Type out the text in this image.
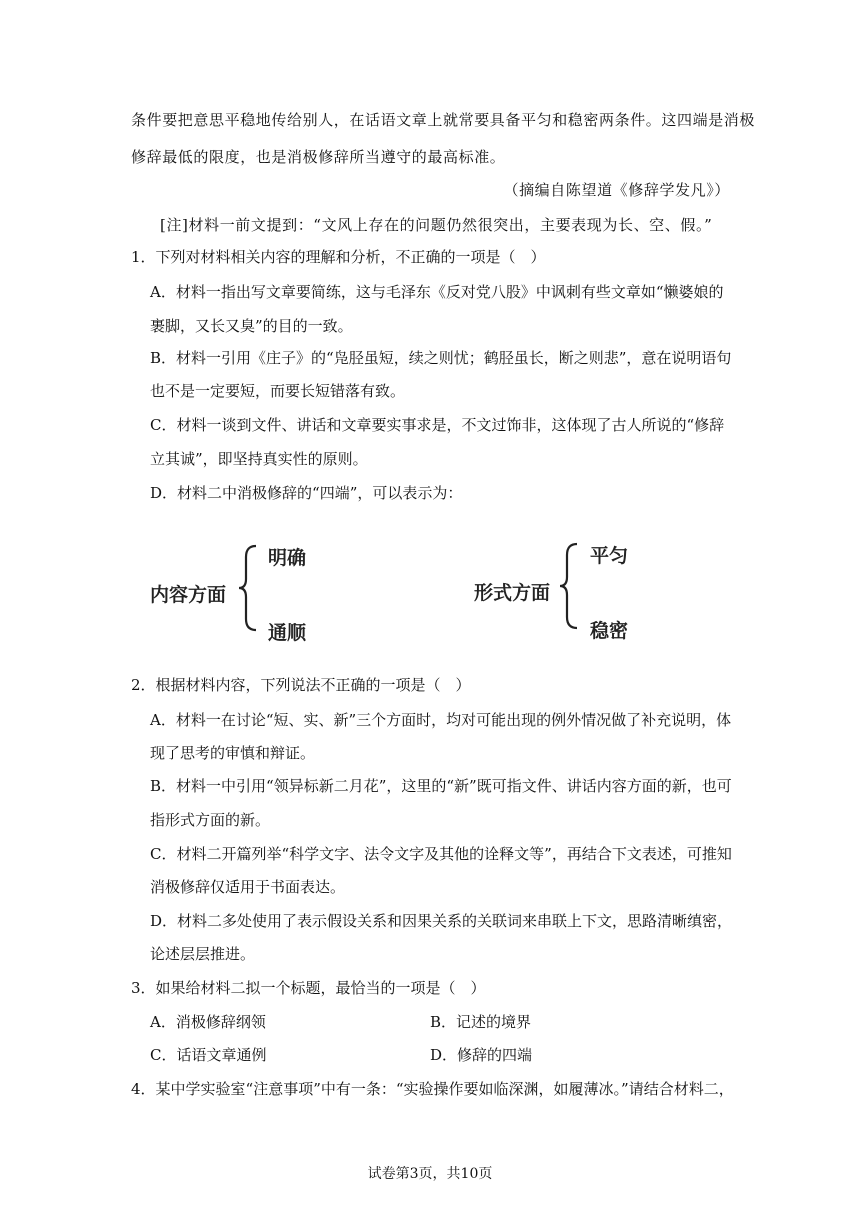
条件要把意思平稳地传给别人，在话语文章上就常要具备平匀和稳密两条件。这四端是消极
修辞最低的限度，也是消极修辞所当遵守的最高标准。
（摘编自陈望道《修辞学发凡》）
[注]材料一前文提到：“文风上存在的问题仍然很突出，主要表现为长、空、假。”
1．下列对材料相关内容的理解和分析，不正确的一项是（　）
A．材料一指出写文章要简练，这与毛泽东《反对党八股》中讽刺有些文章如“懒婆娘的
裹脚，又长又臭”的目的一致。
B．材料一引用《庄子》的“凫胫虽短，续之则忧；鹤胫虽长，断之则悲”，意在说明语句
也不是一定要短，而要长短错落有致。
C．材料一谈到文件、讲话和文章要实事求是，不文过饰非，这体现了古人所说的“修辞
立其诚”，即坚持真实性的原则。
D．材料二中消极修辞的“四端”，可以表示为：
内容方面
明确
通顺
形式方面
平匀
稳密
2．根据材料内容，下列说法不正确的一项是（　）
A．材料一在讨论“短、实、新”三个方面时，均对可能出现的例外情况做了补充说明，体
现了思考的审慎和辩证。
B．材料一中引用“领异标新二月花”，这里的“新”既可指文件、讲话内容方面的新，也可
指形式方面的新。
C．材料二开篇列举“科学文字、法令文字及其他的诠释文等”，再结合下文表述，可推知
消极修辞仅适用于书面表达。
D．材料二多处使用了表示假设关系和因果关系的关联词来串联上下文，思路清晰缜密，
论述层层推进。
3．如果给材料二拟一个标题，最恰当的一项是（　）
A．消极修辞纲领	B．记述的境界
C．话语文章通例	D．修辞的四端
4．某中学实验室“注意事项”中有一条：“实验操作要如临深渊，如履薄冰。”请结合材料二，
试卷第3页，共10页
